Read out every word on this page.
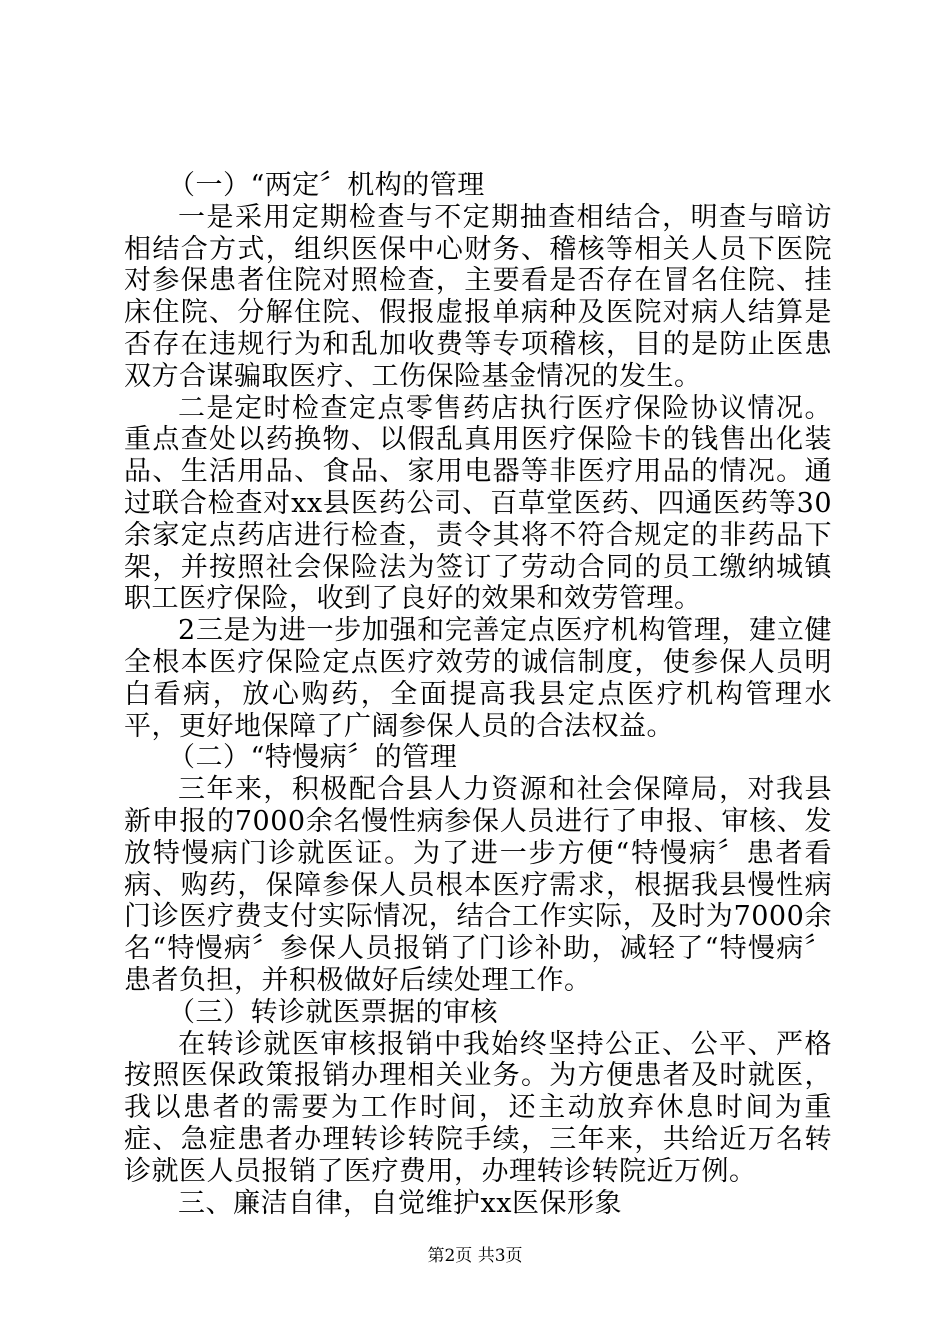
（一）“两定〞机构的管理

一是采用定期检查与不定期抽查相结合，明查与暗访相结合方式，组织医保中心财务、稽核等相关人员下医院对参保患者住院对照检查，主要看是否存在冒名住院、挂床住院、分解住院、假报虚报单病种及医院对病人结算是否存在违规行为和乱加收费等专项稽核，目的是防止医患双方合谋骗取医疗、工伤保险基金情况的发生。

二是定时检查定点零售药店执行医疗保险协议情况。重点查处以药换物、以假乱真用医疗保险卡的钱售出化装品、生活用品、食品、家用电器等非医疗用品的情况。通过联合检查对xx县医药公司、百草堂医药、四通医药等30余家定点药店进行检查，责令其将不符合规定的非药品下架，并按照社会保险法为签订了劳动合同的员工缴纳城镇职工医疗保险，收到了良好的效果和效劳管理。

2三是为进一步加强和完善定点医疗机构管理，建立健全根本医疗保险定点医疗效劳的诚信制度，使参保人员明白看病，放心购药，全面提高我县定点医疗机构管理水平，更好地保障了广阔参保人员的合法权益。

（二）“特慢病〞的管理

三年来，积极配合县人力资源和社会保障局，对我县新申报的7000余名慢性病参保人员进行了申报、审核、发放特慢病门诊就医证。为了进一步方便“特慢病〞患者看病、购药，保障参保人员根本医疗需求，根据我县慢性病门诊医疗费支付实际情况，结合工作实际，及时为7000余名“特慢病〞参保人员报销了门诊补助，减轻了“特慢病〞患者负担，并积极做好后续处理工作。

（三）转诊就医票据的审核

在转诊就医审核报销中我始终坚持公正、公平、严格按照医保政策报销办理相关业务。为方便患者及时就医，我以患者的需要为工作时间，还主动放弃休息时间为重症、急症患者办理转诊转院手续，三年来，共给近万名转诊就医人员报销了医疗费用，办理转诊转院近万例。

三、廉洁自律，自觉维护xx医保形象

第2页 共3页
